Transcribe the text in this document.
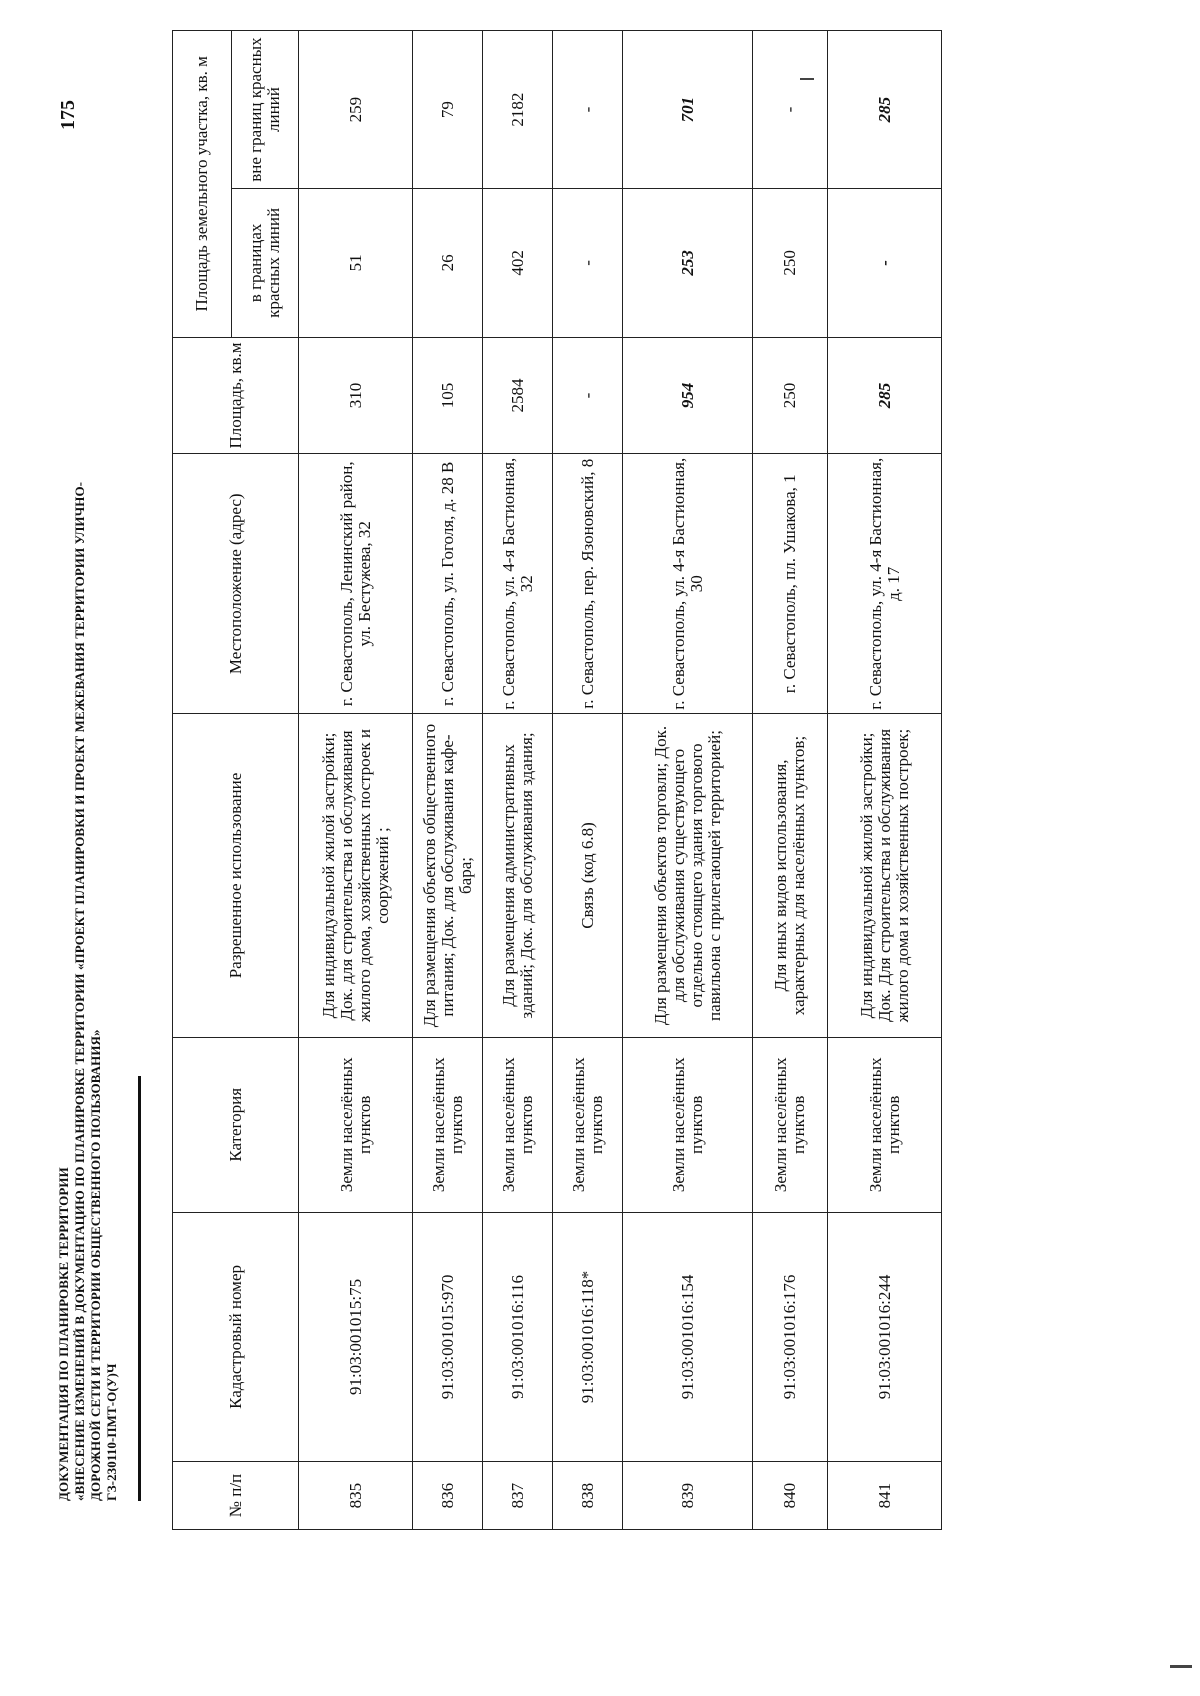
175
ДОКУМЕНТАЦИЯ ПО ПЛАНИРОВКЕ ТЕРРИТОРИИ «ВНЕСЕНИЕ ИЗМЕНЕНИЙ В ДОКУМЕНТАЦИЮ ПО ПЛАНИРОВКЕ ТЕРРИТОРИИ «ПРОЕКТ ПЛАНИРОВКИ И ПРОЕКТ МЕЖЕВАНИЯ ТЕРРИТОРИИ УЛИЧНО- ДОРОЖНОЙ СЕТИ И ТЕРРИТОРИИ ОБЩЕСТВЕННОГО ПОЛЬЗОВАНИЯ» ГЗ-230110-ПМТ-О(У)Ч	№ п/п	Кадастровый номер	Категория	Разрешенное использование	Местоположение (адрес)	Площадь, кв.м	Площадь земельного участка, кв. м	
						в границах красных линий	вне границ красных линий
835	91:03:001015:75	Земли населённых пунктов	Для индивидуальной жилой застройки; Док. для строительства и обслуживания жилого дома, хозяйственных построек и сооружений ;	г. Севастополь, Ленинский район, ул. Бестужева, 32	310	51	259
836	91:03:001015:970	Земли населённых пунктов	Для размещения объектов общественного питания; Док. для обслуживания кафе-бара;	г. Севастополь, ул. Гоголя, д. 28 В	105	26	79
837	91:03:001016:116	Земли населённых пунктов	Для размещения административных зданий; Док. для обслуживания здания;	г. Севастополь, ул. 4-я Бастионная, 32	2584	402	2182
838	91:03:001016:118*	Земли населённых пунктов	Связь (код 6.8)	г. Севастополь, пер. Язоновский, 8	-	-	-
839	91:03:001016:154	Земли населённых пунктов	Для размещения объектов торговли; Док. для обслуживания существующего отдельно стоящего здания торгового павильона с прилегающей территорией;	г. Севастополь, ул. 4-я Бастионная, 30	954	253	701
840	91:03:001016:176	Земли населённых пунктов	Для иных видов использования, характерных для населённых пунктов;	г. Севастополь, пл. Ушакова, 1	250	250	-
841	91:03:001016:244	Земли населённых пунктов	Для индивидуальной жилой застройки; Док. Для строительства и обслуживания жилого дома и хозяйственных построек;	г. Севастополь, ул. 4-я Бастионная, д. 17	285	-	285
